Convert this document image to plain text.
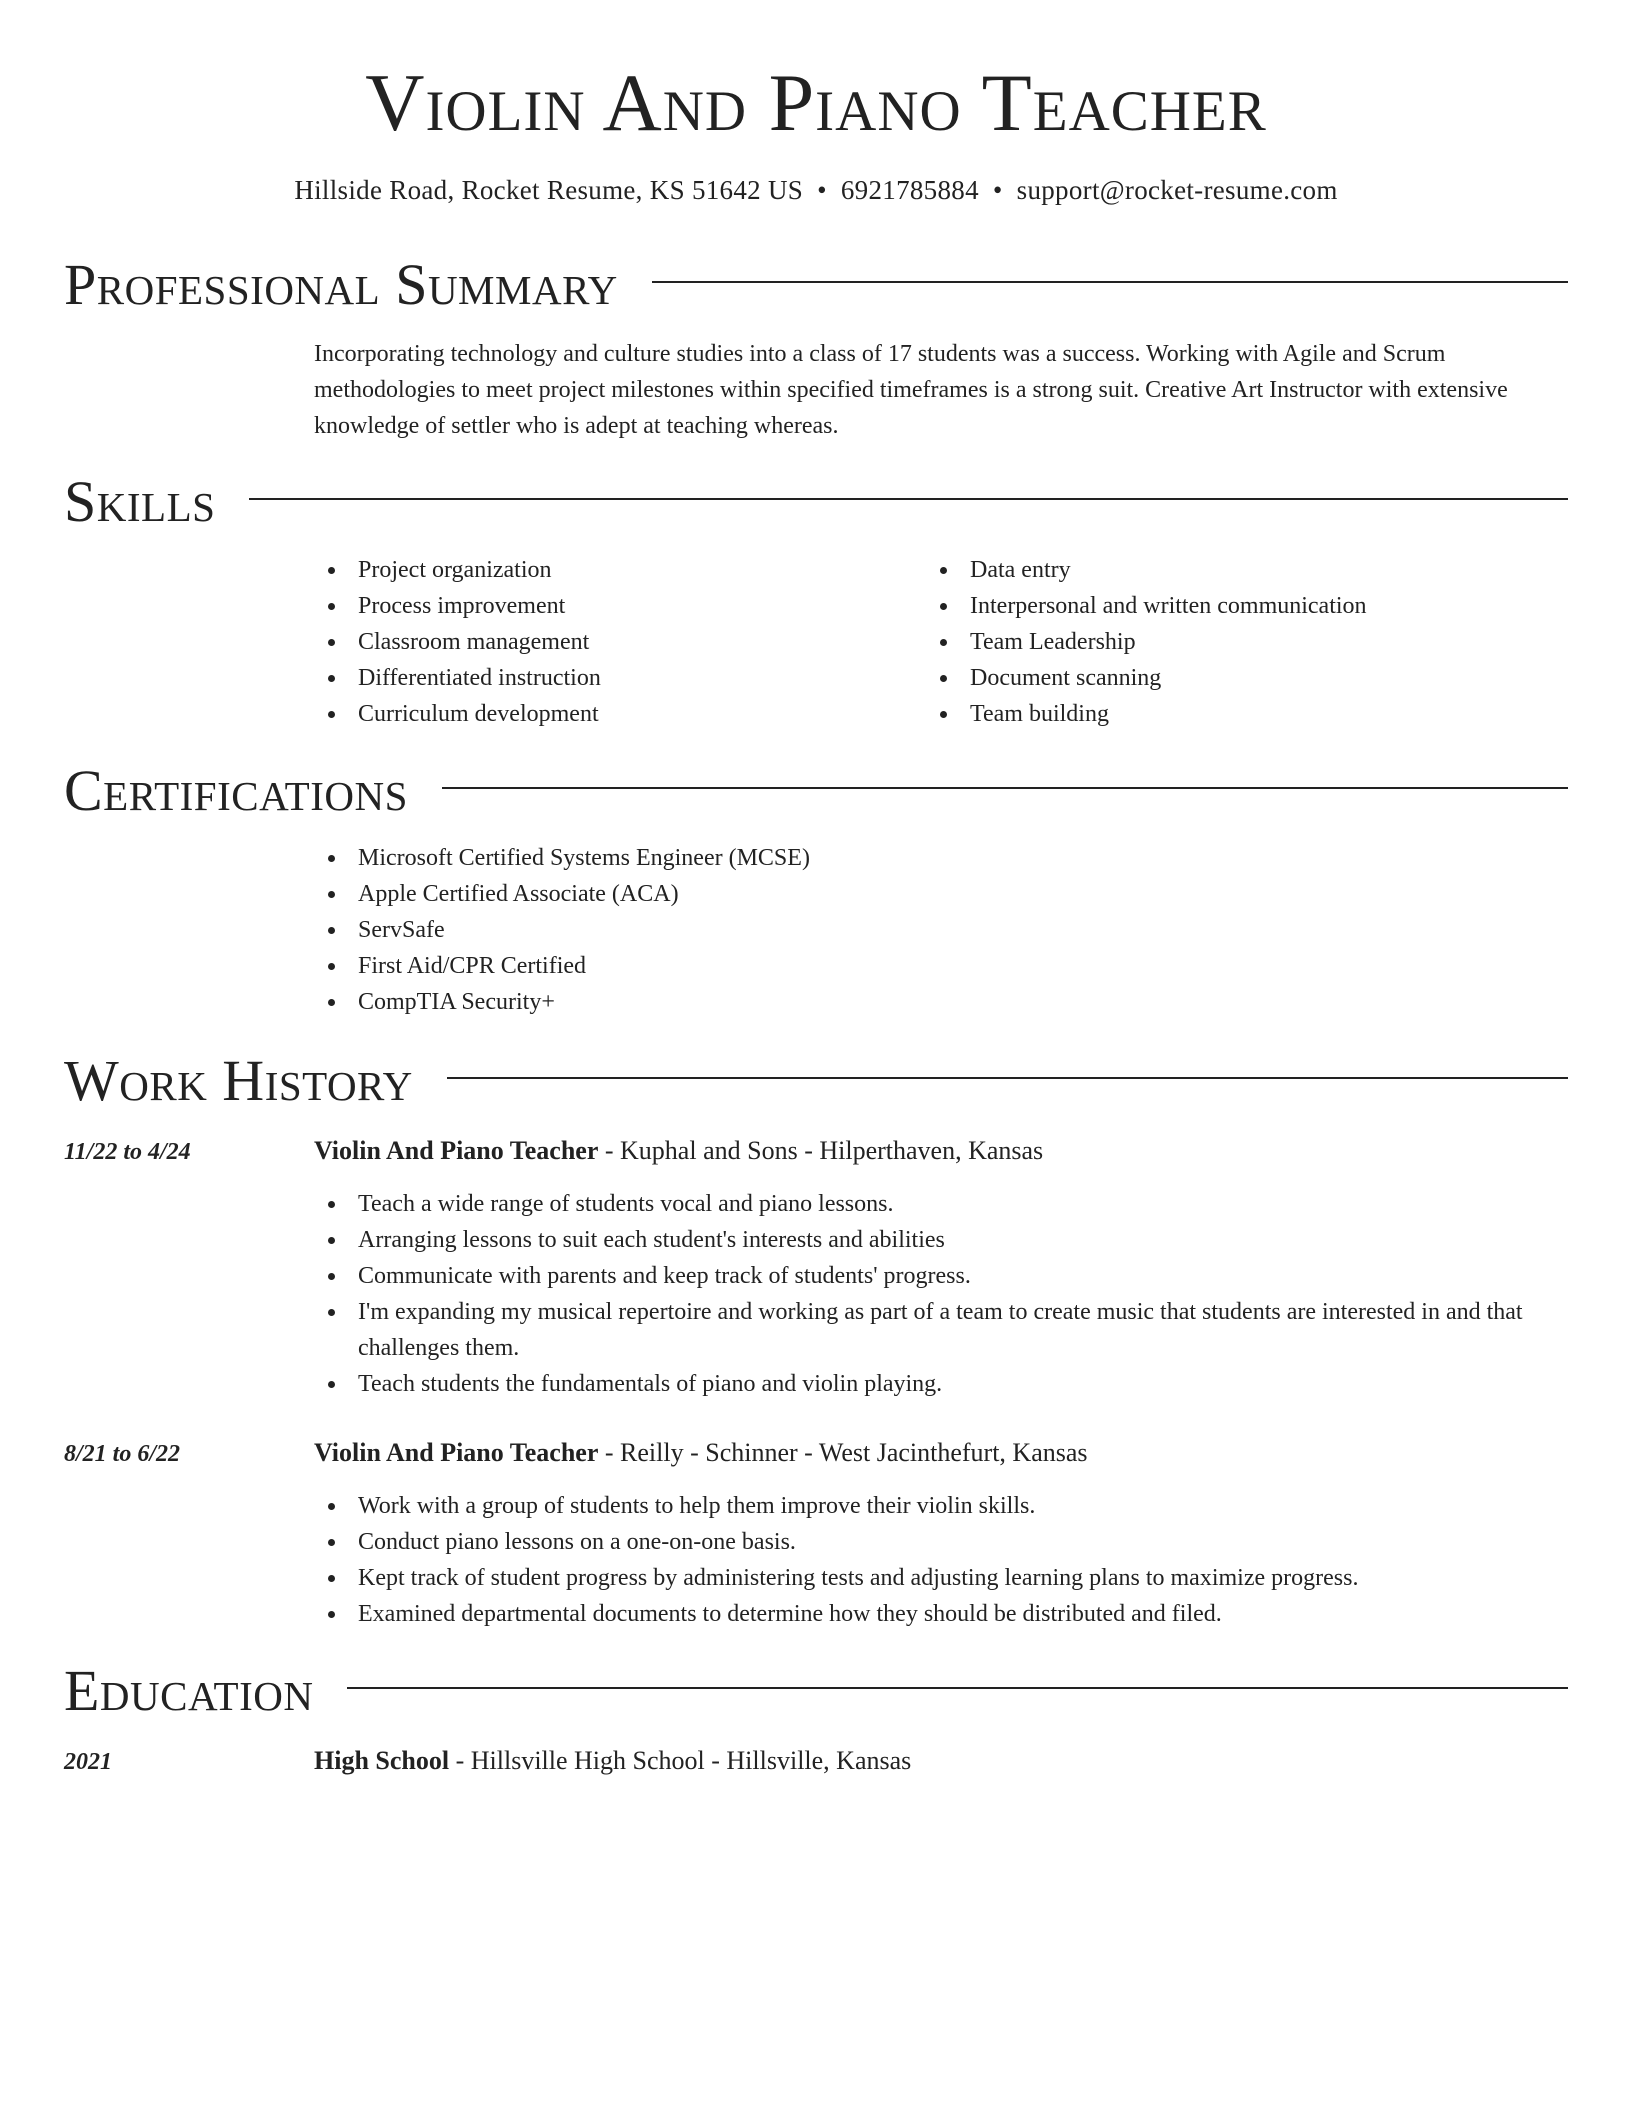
Violin And Piano Teacher
Hillside Road, Rocket Resume, KS 51642 US • 6921785884 • support@rocket-resume.com
Professional Summary
Incorporating technology and culture studies into a class of 17 students was a success. Working with Agile and Scrum methodologies to meet project milestones within specified timeframes is a strong suit. Creative Art Instructor with extensive knowledge of settler who is adept at teaching whereas.
Skills
Project organization
Process improvement
Classroom management
Differentiated instruction
Curriculum development
Data entry
Interpersonal and written communication
Team Leadership
Document scanning
Team building
Certifications
Microsoft Certified Systems Engineer (MCSE)
Apple Certified Associate (ACA)
ServSafe
First Aid/CPR Certified
CompTIA Security+
Work History
11/22 to 4/24	Violin And Piano Teacher - Kuphal and Sons - Hilperthaven, Kansas
Teach a wide range of students vocal and piano lessons.
Arranging lessons to suit each student's interests and abilities
Communicate with parents and keep track of students' progress.
I'm expanding my musical repertoire and working as part of a team to create music that students are interested in and that challenges them.
Teach students the fundamentals of piano and violin playing.
8/21 to 6/22	Violin And Piano Teacher - Reilly - Schinner - West Jacinthefurt, Kansas
Work with a group of students to help them improve their violin skills.
Conduct piano lessons on a one-on-one basis.
Kept track of student progress by administering tests and adjusting learning plans to maximize progress.
Examined departmental documents to determine how they should be distributed and filed.
Education
2021	High School - Hillsville High School - Hillsville, Kansas
